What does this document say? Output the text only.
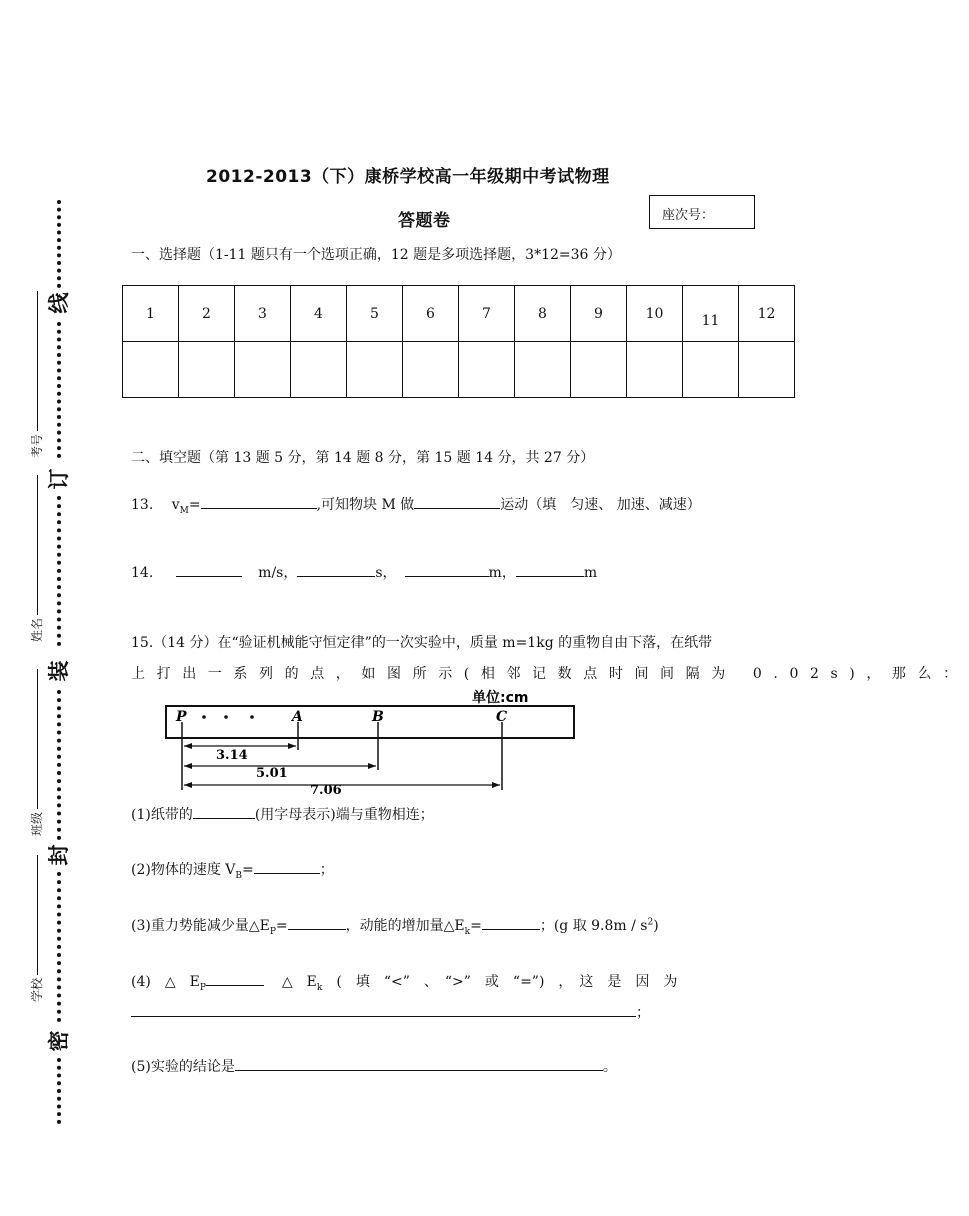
线
订
装
封
密
考号
姓名
班级
学校
2012-2013（下）康桥学校高一年级期中考试物理
答题卷	座次号：
一、选择题（1-11 题只有一个选项正确，12 题是多项选择题，3*12=36 分）
1	2	3	4	5	6	7	8	9	10	11	12

二、填空题（第 13 题 5 分，第 14 题 8 分，第 15 题 14 分，共 27 分）
13. $v_M=$	,可知物块 M 做	运动（填　匀速、 加速、减速）
14.	m/s，	s，	m，	m
15.（14 分）在“验证机械能守恒定律”的一次实验中，质量 m=1kg 的重物自由下落，在纸带
上打出一系列的点，如图所示(相邻记数点时间间隔为 0.02s)，那么：
单位:cm
P	A	B	C
3.14
5.01
7.06
(1)纸带的	(用字母表示)端与重物相连；
(2)物体的速度 $V_B=$	；
(3)重力势能减少量$\triangle E_P=$	，动能的增加量$\triangle E_k=$	；(g 取 $9.8m / s^2$)
(4)　△　$E_P$	△　$E_k$ (　填　“<”　、　“>”　或　“=”)　，　这　是　因　为
；
(5)实验的结论是	。
